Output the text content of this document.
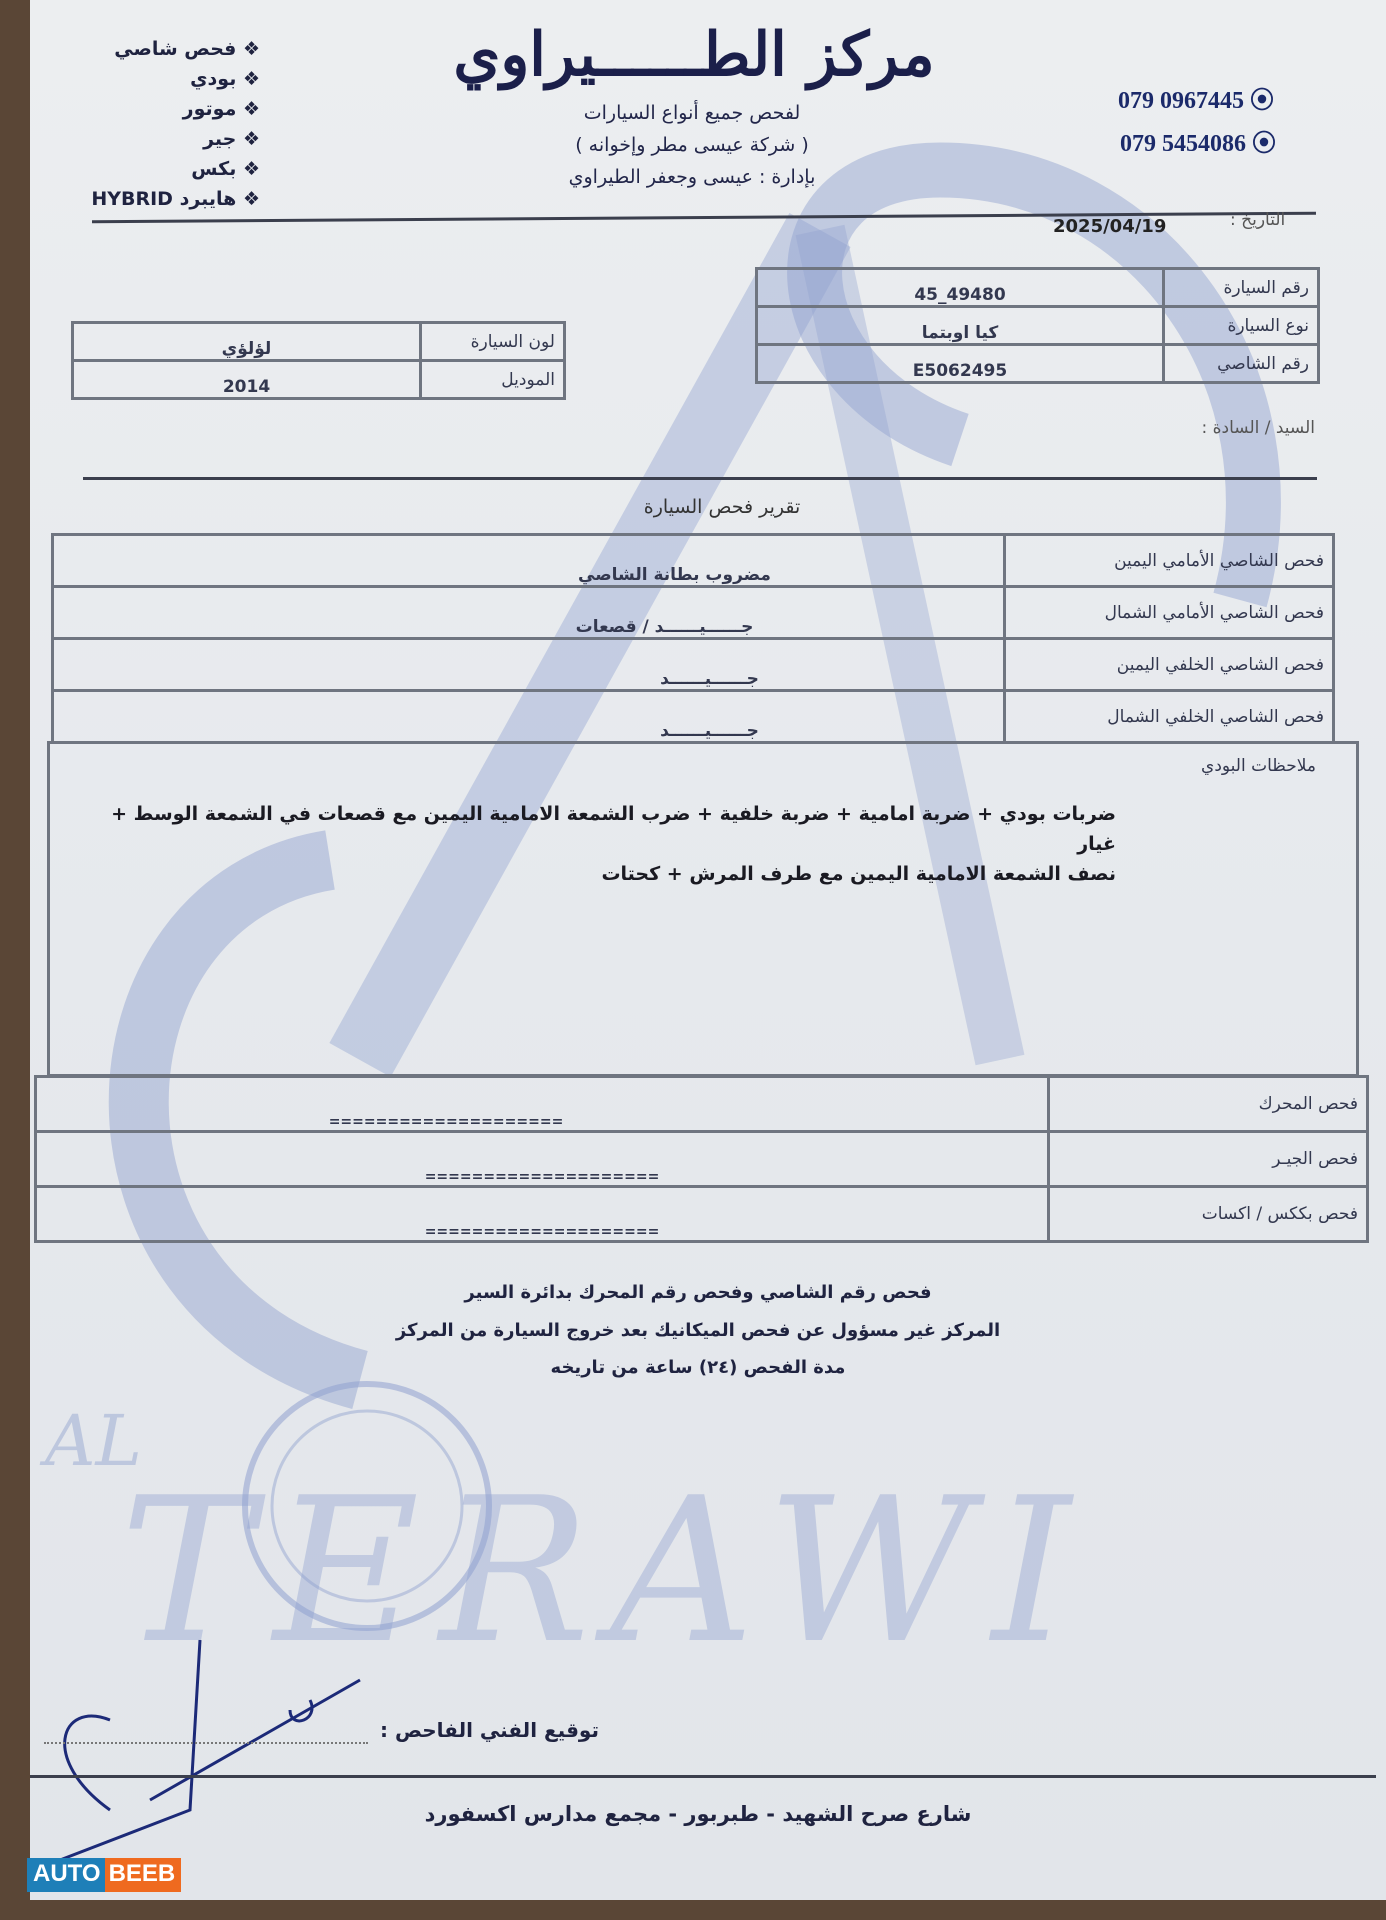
AL
TERAWI
مركز الطــــــيراوي
❖ فحص شاصي
❖ بودي
❖ موتور
❖ جير
❖ بكس
❖ هايبرد HYBRID
لفحص جميع أنواع السيارات
( شركة عيسى مطر وإخوانه )
بإدارة : عيسى وجعفر الطيراوي
079 0967445 ⦿
079 5454086 ⦿
التاريخ :
2025/04/19
45_49480	رقم السيارة
كيا اوبتما	نوع السيارة
E5062495	رقم الشاصي
لؤلؤي	لون السيارة
2014	الموديل
السيد / السادة :
تقرير فحص السيارة
مضروب بطانة الشاصي	فحص الشاصي الأمامي اليمين
جــــــيــــــد / قصعات	فحص الشاصي الأمامي الشمال
جــــــيــــــد	فحص الشاصي الخلفي اليمين
جــــــيــــــد	فحص الشاصي الخلفي الشمال
ملاحظات البودي
ضربات بودي + ضربة امامية + ضربة خلفية + ضرب الشمعة الامامية اليمين مع قصعات في الشمعة الوسط + غيار
نصف الشمعة الامامية اليمين مع طرف المرش + كحتات
====================	فحص المحرك
====================	فحص الجيـر
====================	فحص بككس / اكسات
فحص رقم الشاصي وفحص رقم المحرك بدائرة السير
المركز غير مسؤول عن فحص الميكانيك بعد خروج السيارة من المركز
مدة الفحص (٢٤) ساعة من تاريخه
توقيع الفني الفاحص :
شارع صرح الشهيد - طبربور - مجمع مدارس اكسفورد
AUTO BEEB
